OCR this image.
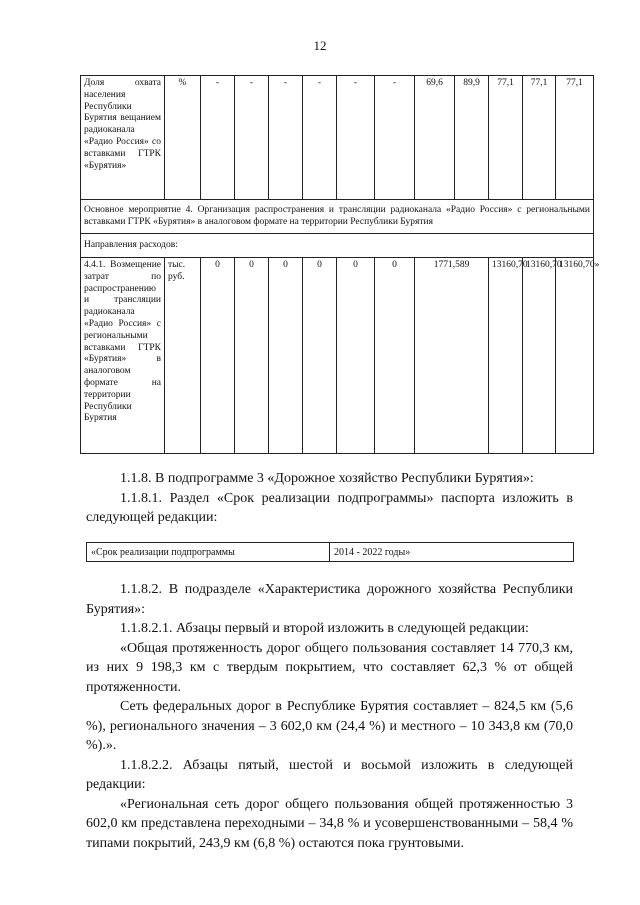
12
Доля охвата населения Республики Бурятия вещанием радиоканала «Радио Россия» со вставками ГТРК «Бурятия»	%	-	-	-	-	-	-	69,6	89,9	77,1	77,1	77,1
Основное мероприятие 4. Организация распространения и трансляции радиоканала «Радио Россия» с региональными вставками ГТРК «Бурятия» в аналоговом формате на территории Республики Бурятия												
Направления расходов:												
4.4.1. Возмещение затрат по распространению и трансляции радиоканала «Радио Россия» с региональными вставками ГТРК «Бурятия» в аналоговом формате на территории Республики Бурятия	тыс. руб.	0	0	0	0	0	0	1771,589		13160,70	13160,70	13160,70»

1.1.8. В подпрограмме 3 «Дорожное хозяйство Республики Бурятия»:

1.1.8.1. Раздел «Срок реализации подпрограммы» паспорта изложить в следующей редакции:

«Срок реализации подпрограммы	2014 - 2022 годы»

1.1.8.2. В подразделе «Характеристика дорожного хозяйства Республики Бурятия»:

1.1.8.2.1. Абзацы первый и второй изложить в следующей редакции:

«Общая протяженность дорог общего пользования составляет 14 770,3 км, из них 9 198,3 км с твердым покрытием, что составляет 62,3 % от общей протяженности.

Сеть федеральных дорог в Республике Бурятия составляет – 824,5 км (5,6 %), регионального значения – 3 602,0 км (24,4 %) и местного – 10 343,8 км (70,0 %).».

1.1.8.2.2. Абзацы пятый, шестой и восьмой изложить в следующей редакции:

«Региональная сеть дорог общего пользования общей протяженностью 3 602,0 км представлена переходными – 34,8 % и усовершенствованными – 58,4 % типами покрытий, 243,9 км (6,8 %) остаются пока грунтовыми.
